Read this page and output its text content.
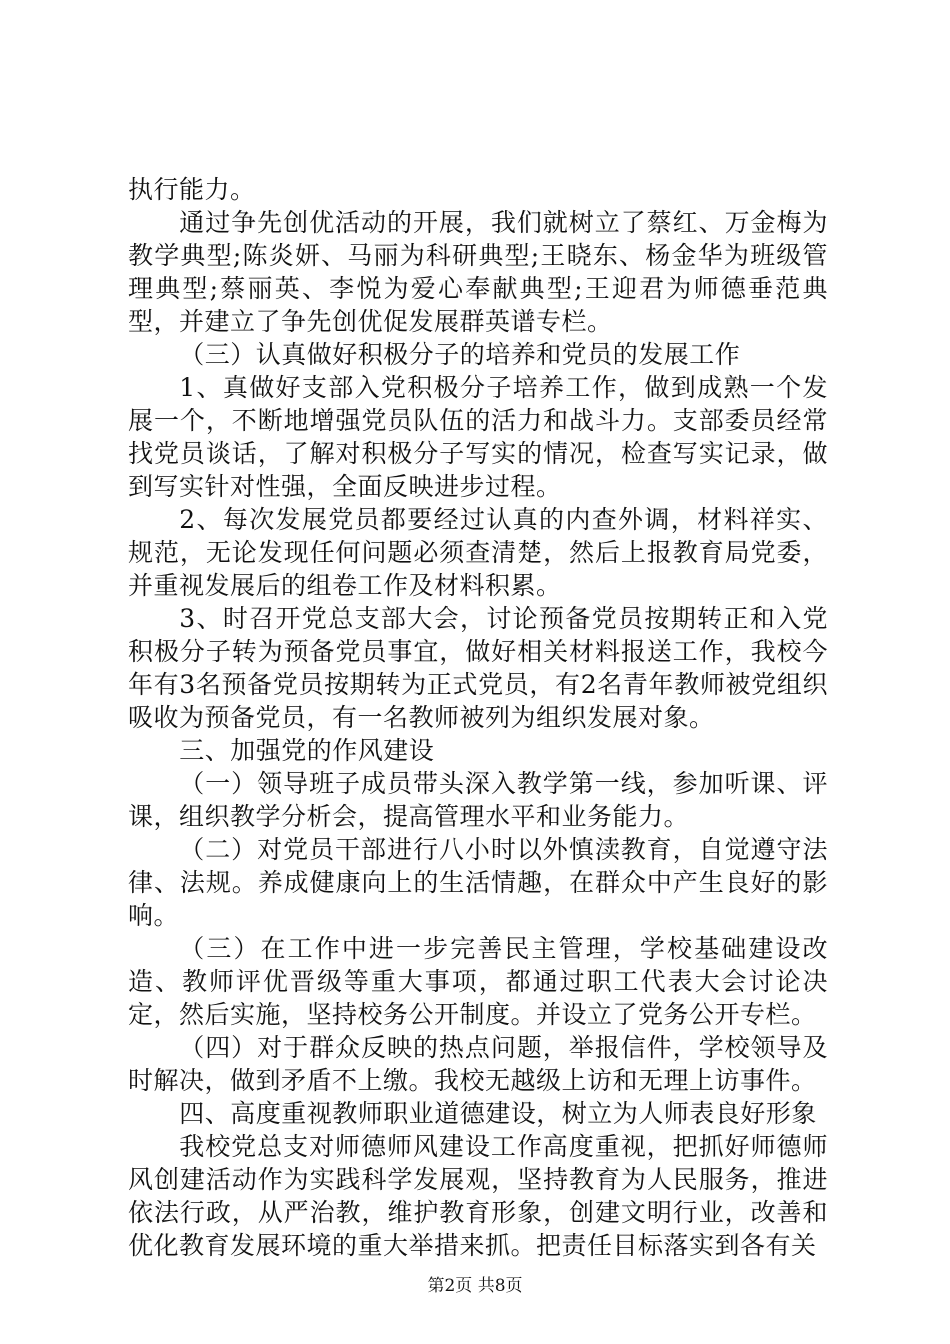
执行能力。

通过争先创优活动的开展，我们就树立了蔡红、万金梅为教学典型;陈炎妍、马丽为科研典型;王晓东、杨金华为班级管理典型;蔡丽英、李悦为爱心奉献典型;王迎君为师德垂范典型，并建立了争先创优促发展群英谱专栏。

（三）认真做好积极分子的培养和党员的发展工作

1、真做好支部入党积极分子培养工作，做到成熟一个发展一个，不断地增强党员队伍的活力和战斗力。支部委员经常找党员谈话，了解对积极分子写实的情况，检查写实记录，做到写实针对性强，全面反映进步过程。

2、每次发展党员都要经过认真的内查外调，材料祥实、规范，无论发现任何问题必须查清楚，然后上报教育局党委，并重视发展后的组卷工作及材料积累。

3、时召开党总支部大会，讨论预备党员按期转正和入党积极分子转为预备党员事宜，做好相关材料报送工作，我校今年有3名预备党员按期转为正式党员，有2名青年教师被党组织吸收为预备党员，有一名教师被列为组织发展对象。

三、加强党的作风建设

（一）领导班子成员带头深入教学第一线，参加听课、评课，组织教学分析会，提高管理水平和业务能力。

（二）对党员干部进行八小时以外慎渎教育，自觉遵守法律、法规。养成健康向上的生活情趣，在群众中产生良好的影响。

（三）在工作中进一步完善民主管理，学校基础建设改造、教师评优晋级等重大事项，都通过职工代表大会讨论决定，然后实施，坚持校务公开制度。并设立了党务公开专栏。

（四）对于群众反映的热点问题，举报信件，学校领导及时解决，做到矛盾不上缴。我校无越级上访和无理上访事件。

四、高度重视教师职业道德建设，树立为人师表良好形象

我校党总支对师德师风建设工作高度重视，把抓好师德师风创建活动作为实践科学发展观，坚持教育为人民服务，推进依法行政，从严治教，维护教育形象，创建文明行业，改善和优化教育发展环境的重大举措来抓。把责任目标落实到各有关

第2页 共8页
